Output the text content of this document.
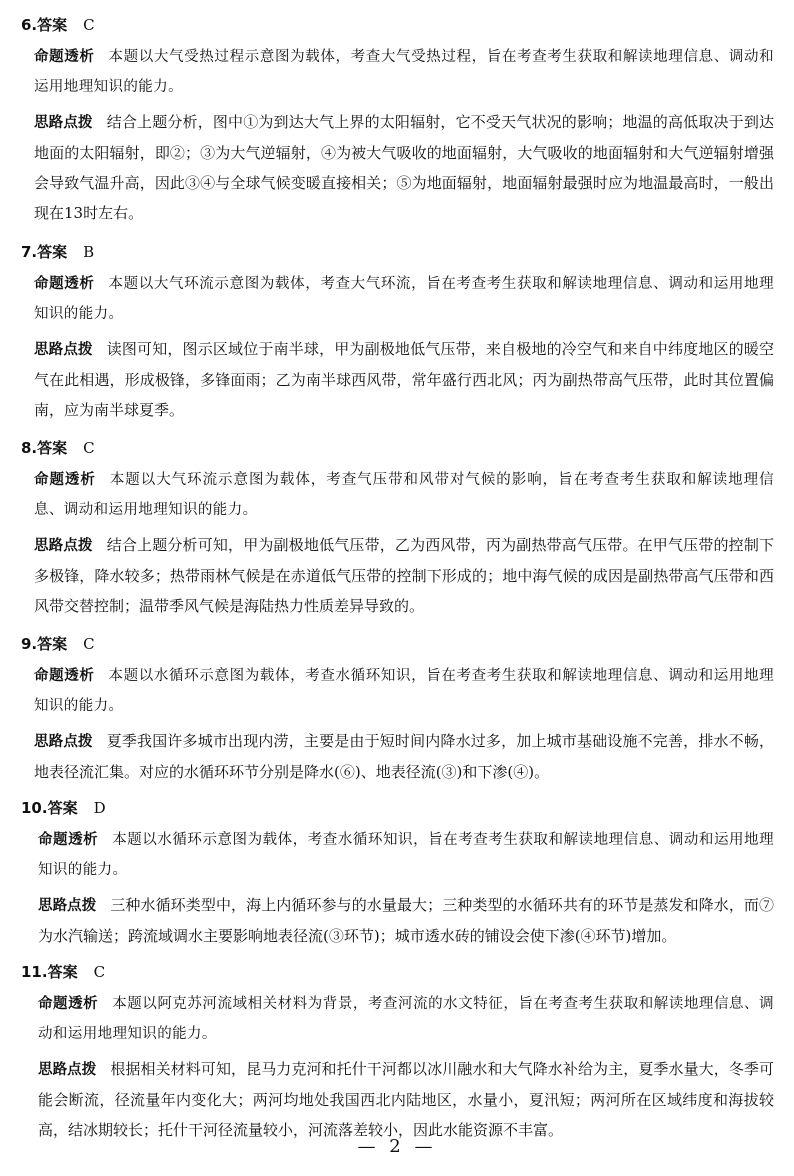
6.答案 C
命题透析 本题以大气受热过程示意图为载体，考查大气受热过程，旨在考查考生获取和解读地理信息、调动和运用地理知识的能力。
思路点拨 结合上题分析，图中①为到达大气上界的太阳辐射，它不受天气状况的影响；地温的高低取决于到达地面的太阳辐射，即②；③为大气逆辐射，④为被大气吸收的地面辐射，大气吸收的地面辐射和大气逆辐射增强会导致气温升高，因此③④与全球气候变暖直接相关；⑤为地面辐射，地面辐射最强时应为地温最高时，一般出现在13时左右。
7.答案 B
命题透析 本题以大气环流示意图为载体，考查大气环流，旨在考查考生获取和解读地理信息、调动和运用地理知识的能力。
思路点拨 读图可知，图示区域位于南半球，甲为副极地低气压带，来自极地的冷空气和来自中纬度地区的暖空气在此相遇，形成极锋，多锋面雨；乙为南半球西风带，常年盛行西北风；丙为副热带高气压带，此时其位置偏南，应为南半球夏季。
8.答案 C
命题透析 本题以大气环流示意图为载体，考查气压带和风带对气候的影响，旨在考查考生获取和解读地理信息、调动和运用地理知识的能力。
思路点拨 结合上题分析可知，甲为副极地低气压带，乙为西风带，丙为副热带高气压带。在甲气压带的控制下多极锋，降水较多；热带雨林气候是在赤道低气压带的控制下形成的；地中海气候的成因是副热带高气压带和西风带交替控制；温带季风气候是海陆热力性质差异导致的。
9.答案 C
命题透析 本题以水循环示意图为载体，考查水循环知识，旨在考查考生获取和解读地理信息、调动和运用地理知识的能力。
思路点拨 夏季我国许多城市出现内涝，主要是由于短时间内降水过多，加上城市基础设施不完善，排水不畅，地表径流汇集。对应的水循环环节分别是降水(⑥)、地表径流(③)和下渗(④)。
10.答案 D
命题透析 本题以水循环示意图为载体，考查水循环知识，旨在考查考生获取和解读地理信息、调动和运用地理知识的能力。
思路点拨 三种水循环类型中，海上内循环参与的水量最大；三种类型的水循环共有的环节是蒸发和降水，而⑦为水汽输送；跨流域调水主要影响地表径流(③环节)；城市透水砖的铺设会使下渗(④环节)增加。
11.答案 C
命题透析 本题以阿克苏河流域相关材料为背景，考查河流的水文特征，旨在考查考生获取和解读地理信息、调动和运用地理知识的能力。
思路点拨 根据相关材料可知，昆马力克河和托什干河都以冰川融水和大气降水补给为主，夏季水量大，冬季可能会断流，径流量年内变化大；两河均地处我国西北内陆地区，水量小，夏汛短；两河所在区域纬度和海拔较高，结冰期较长；托什干河径流量较小，河流落差较小，因此水能资源不丰富。
— 2 —
